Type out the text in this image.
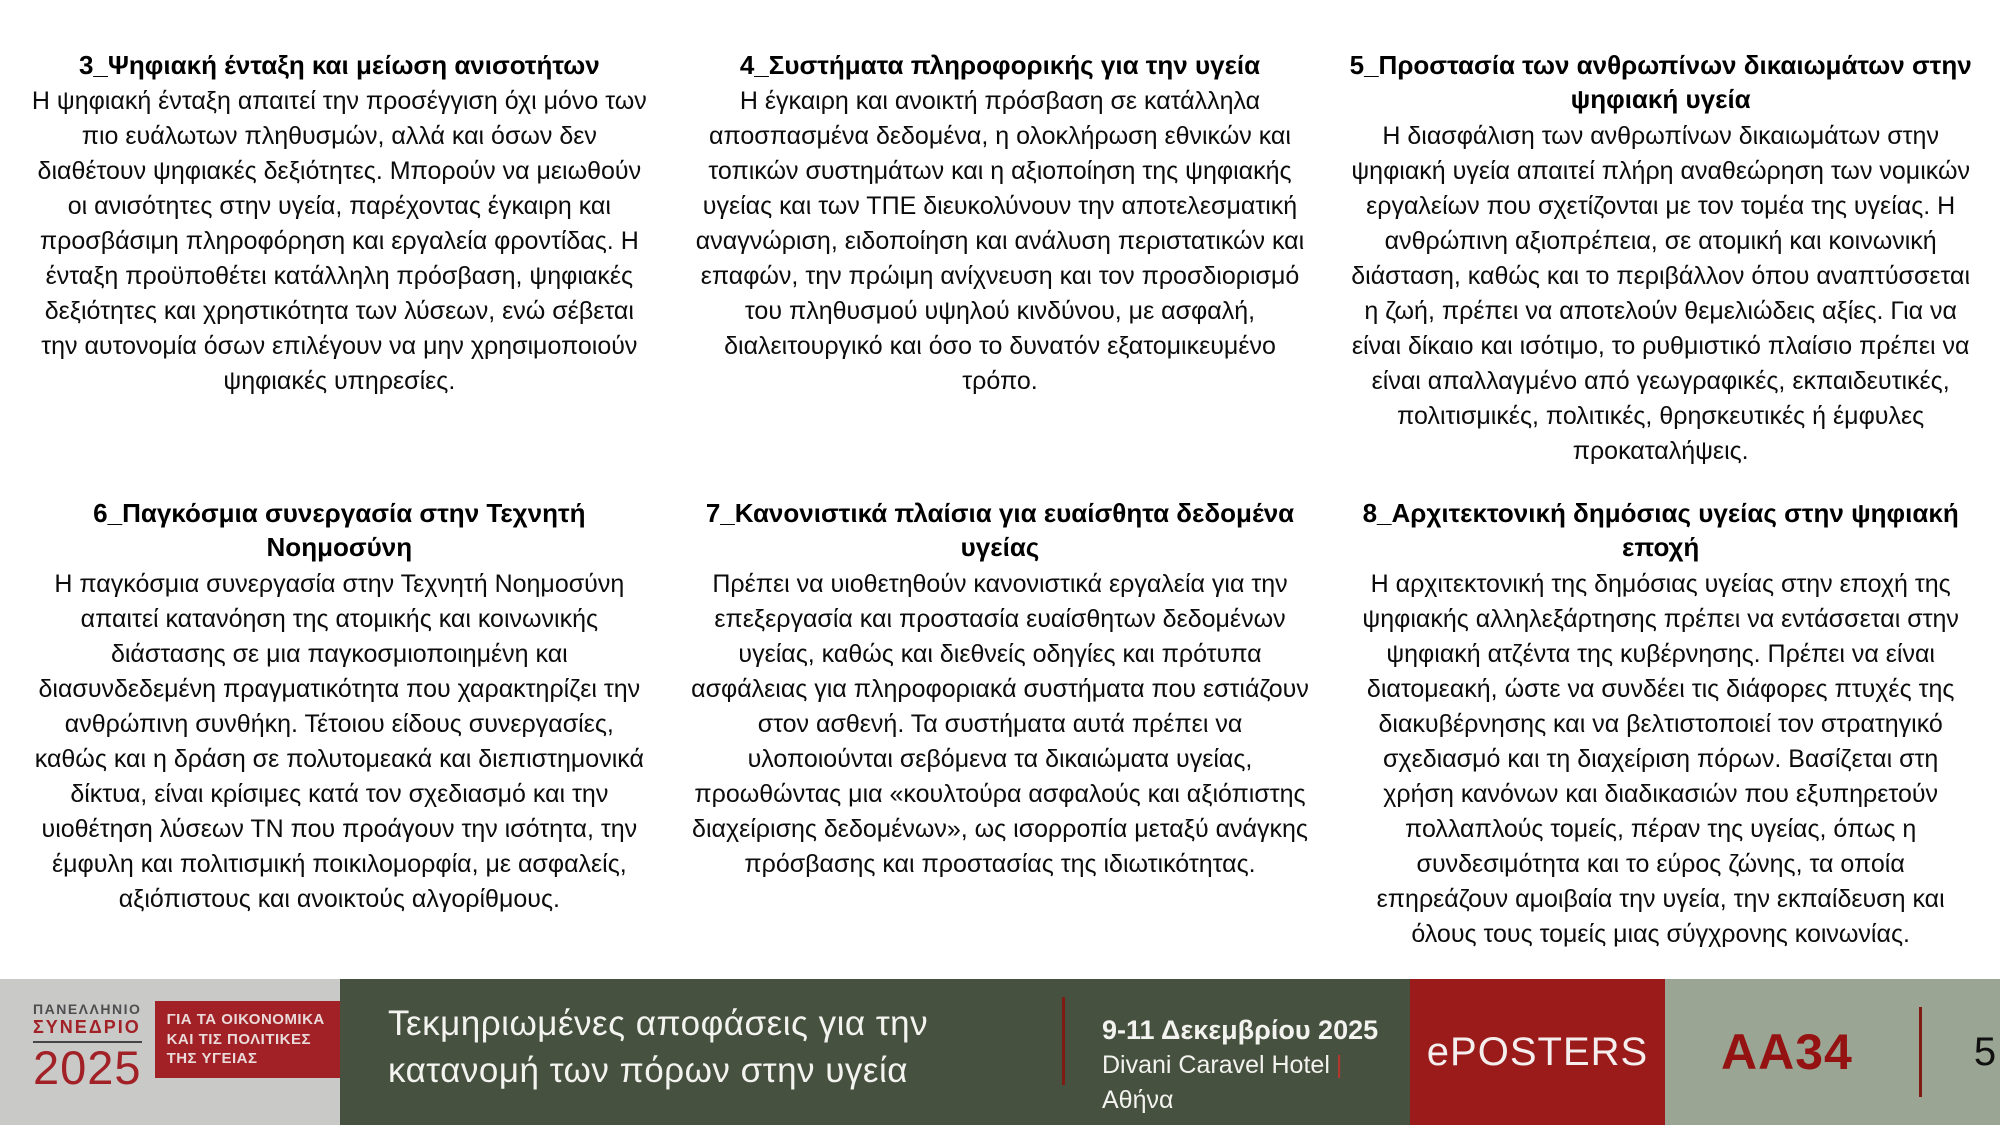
3_Ψηφιακή ένταξη και μείωση ανισοτήτων

Η ψηφιακή ένταξη απαιτεί την προσέγγιση όχι μόνο των πιο ευάλωτων πληθυσμών, αλλά και όσων δεν διαθέτουν ψηφιακές δεξιότητες. Μπορούν να μειωθούν οι ανισότητες στην υγεία, παρέχοντας έγκαιρη και προσβάσιμη πληροφόρηση και εργαλεία φροντίδας. Η ένταξη προϋποθέτει κατάλληλη πρόσβαση, ψηφιακές δεξιότητες και χρηστικότητα των λύσεων, ενώ σέβεται την αυτονομία όσων επιλέγουν να μην χρησιμοποιούν ψηφιακές υπηρεσίες.

4_Συστήματα πληροφορικής για την υγεία

Η έγκαιρη και ανοικτή πρόσβαση σε κατάλληλα αποσπασμένα δεδομένα, η ολοκλήρωση εθνικών και τοπικών συστημάτων και η αξιοποίηση της ψηφιακής υγείας και των ΤΠΕ διευκολύνουν την αποτελεσματική αναγνώριση, ειδοποίηση και ανάλυση περιστατικών και επαφών, την πρώιμη ανίχνευση και τον προσδιορισμό του πληθυσμού υψηλού κινδύνου, με ασφαλή, διαλειτουργικό και όσο το δυνατόν εξατομικευμένο τρόπο.

5_Προστασία των ανθρωπίνων δικαιωμάτων στην ψηφιακή υγεία

Η διασφάλιση των ανθρωπίνων δικαιωμάτων στην ψηφιακή υγεία απαιτεί πλήρη αναθεώρηση των νομικών εργαλείων που σχετίζονται με τον τομέα της υγείας. Η ανθρώπινη αξιοπρέπεια, σε ατομική και κοινωνική διάσταση, καθώς και το περιβάλλον όπου αναπτύσσεται η ζωή, πρέπει να αποτελούν θεμελιώδεις αξίες. Για να είναι δίκαιο και ισότιμο, το ρυθμιστικό πλαίσιο πρέπει να είναι απαλλαγμένο από γεωγραφικές, εκπαιδευτικές, πολιτισμικές, πολιτικές, θρησκευτικές ή έμφυλες προκαταλήψεις.

6_Παγκόσμια συνεργασία στην Τεχνητή Νοημοσύνη

Η παγκόσμια συνεργασία στην Τεχνητή Νοημοσύνη απαιτεί κατανόηση της ατομικής και κοινωνικής διάστασης σε μια παγκοσμιοποιημένη και διασυνδεδεμένη πραγματικότητα που χαρακτηρίζει την ανθρώπινη συνθήκη. Τέτοιου είδους συνεργασίες, καθώς και η δράση σε πολυτομεακά και διεπιστημονικά δίκτυα, είναι κρίσιμες κατά τον σχεδιασμό και την υιοθέτηση λύσεων ΤΝ που προάγουν την ισότητα, την έμφυλη και πολιτισμική ποικιλομορφία, με ασφαλείς, αξιόπιστους και ανοικτούς αλγορίθμους.

7_Κανονιστικά πλαίσια για ευαίσθητα δεδομένα υγείας

Πρέπει να υιοθετηθούν κανονιστικά εργαλεία για την επεξεργασία και προστασία ευαίσθητων δεδομένων υγείας, καθώς και διεθνείς οδηγίες και πρότυπα ασφάλειας για πληροφοριακά συστήματα που εστιάζουν στον ασθενή. Τα συστήματα αυτά πρέπει να υλοποιούνται σεβόμενα τα δικαιώματα υγείας, προωθώντας μια «κουλτούρα ασφαλούς και αξιόπιστης διαχείρισης δεδομένων», ως ισορροπία μεταξύ ανάγκης πρόσβασης και προστασίας της ιδιωτικότητας.

8_Αρχιτεκτονική δημόσιας υγείας στην ψηφιακή εποχή

Η αρχιτεκτονική της δημόσιας υγείας στην εποχή της ψηφιακής αλληλεξάρτησης πρέπει να εντάσσεται στην ψηφιακή ατζέντα της κυβέρνησης. Πρέπει να είναι διατομεακή, ώστε να συνδέει τις διάφορες πτυχές της διακυβέρνησης και να βελτιστοποιεί τον στρατηγικό σχεδιασμό και τη διαχείριση πόρων. Βασίζεται στη χρήση κανόνων και διαδικασιών που εξυπηρετούν πολλαπλούς τομείς, πέραν της υγείας, όπως η συνδεσιμότητα και το εύρος ζώνης, τα οποία επηρεάζουν αμοιβαία την υγεία, την εκπαίδευση και όλους τους τομείς μιας σύγχρονης κοινωνίας.

ΠΑΝΕΛΛΗΝΙΟ
ΣΥΝΕΔΡΙΟ
2025
ΓΙΑ ΤΑ ΟΙΚΟΝΟΜΙΚΑ ΚΑΙ ΤΙΣ ΠΟΛΙΤΙΚΕΣ ΤΗΣ ΥΓΕΙΑΣ
Τεκμηριωμένες αποφάσεις για την κατανομή των πόρων στην υγεία
9-11 Δεκεμβρίου 2025
Divani Caravel Hotel |Αθήνα
ePOSTERS AA34	5
